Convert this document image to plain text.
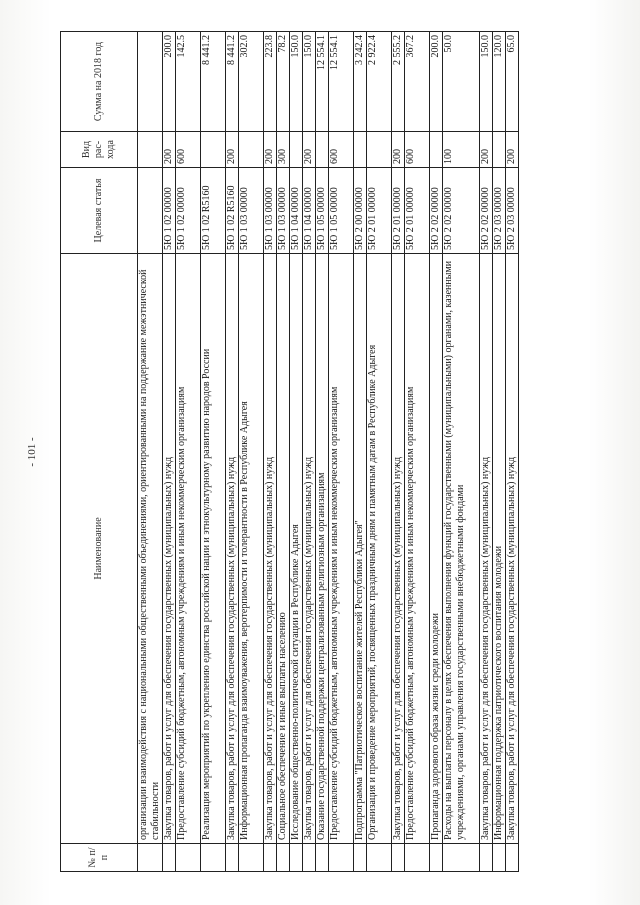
- 101 -
№ п/п	Наименование	Целевая статья	Вид рас-хода	Сумма на 2018 год
	организации взаимодействия с национальными общественными объединениями, ориентированными на поддержание межэтнической стабильности			
	Закупка товаров, работ и услуг для обеспечения государственных (муниципальных) нужд	5Ю 1 02 00000	200	200.0
	Предоставление субсидий бюджетным, автономным учреждениям и иным некоммерческим организациям	5Ю 1 02 00000	600	142.5
	Реализация мероприятий по укреплению единства российской нации и этнокультурному развитию народов России	5Ю 1 02 R5160		8 441.2
	Закупка товаров, работ и услуг для обеспечения государственных (муниципальных) нужд	5Ю 1 02 R5160	200	8 441.2
	Информационная пропаганда взаимоуважения, веротерпимости и толерантности в Республике Адыгея	5Ю 1 03 00000		302.0
	Закупка товаров, работ и услуг для обеспечения государственных (муниципальных) нужд	5Ю 1 03 00000	200	223.8
	Социальное обеспечение и иные выплаты населению	5Ю 1 03 00000	300	78.2
	Исследование общественно-политической ситуации в Республике Адыгея	5Ю 1 04 00000		150.0
	Закупка товаров, работ и услуг для обеспечения государственных (муниципальных) нужд	5Ю 1 04 00000	200	150.0
	Оказание государственной поддержки централизованным религиозным организациям	5Ю 1 05 00000		12 554.1
	Предоставление субсидий бюджетным, автономным учреждениям и иным некоммерческим организациям	5Ю 1 05 00000	600	12 554.1
	Подпрограмма "Патриотическое воспитание жителей Республики Адыгея"	5Ю 2 00 00000		3 242.4
	Организация и проведение мероприятий, посвященных праздничным дням и памятным датам в Республике Адыгея	5Ю 2 01 00000		2 922.4
	Закупка товаров, работ и услуг для обеспечения государственных (муниципальных) нужд	5Ю 2 01 00000	200	2 555.2
	Предоставление субсидий бюджетным, автономным учреждениям и иным некоммерческим организациям	5Ю 2 01 00000	600	367.2
	Пропаганда здорового образа жизни среди молодежи	5Ю 2 02 00000		200.0
	Расходы на выплаты персоналу в целях обеспечения выполнения функций государственными (муниципальными) органами, казенными учреждениями, органами управления государственными внебюджетными фондами	5Ю 2 02 00000	100	50.0
	Закупка товаров, работ и услуг для обеспечения государственных (муниципальных) нужд	5Ю 2 02 00000	200	150.0
	Информационная поддержка патриотического воспитания молодежи	5Ю 2 03 00000		120.0
	Закупка товаров, работ и услуг для обеспечения государственных (муниципальных) нужд	5Ю 2 03 00000	200	65.0
